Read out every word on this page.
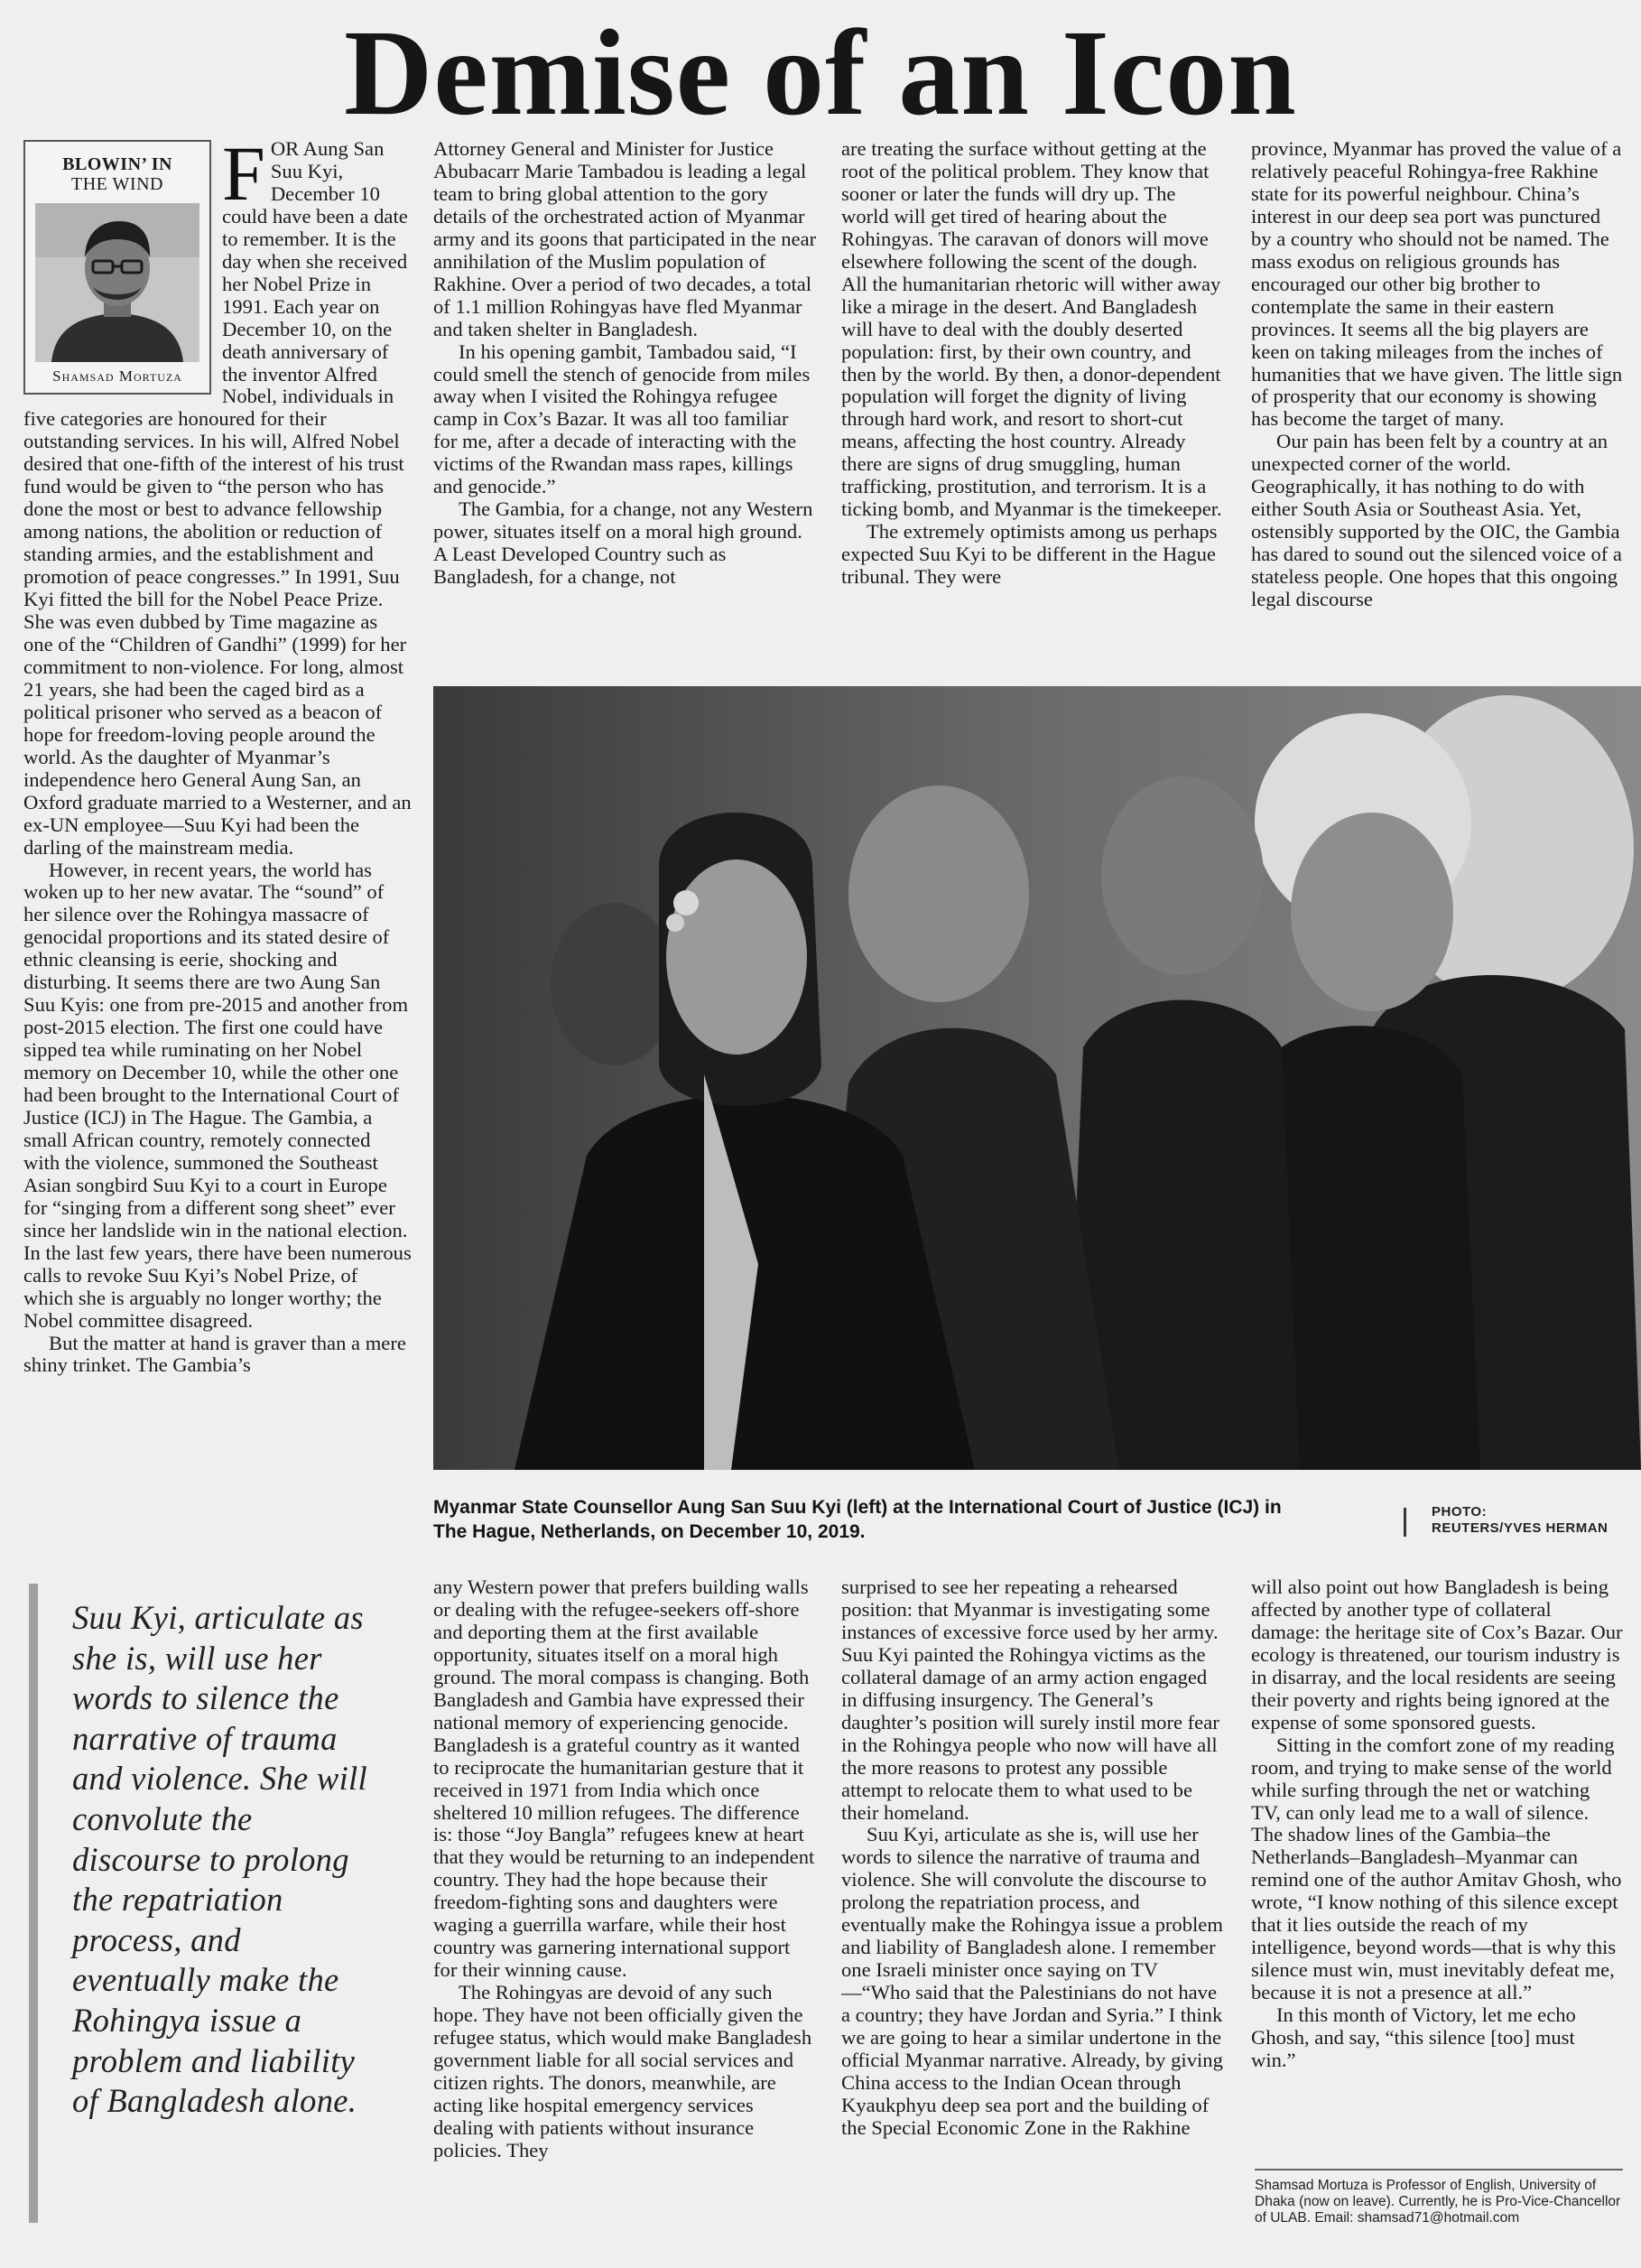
Demise of an Icon
BLOWIN’ IN
THE WIND
Shamsad Mortuza
F OR Aung San Suu Kyi, December 10 could have been a date to remember. It is the day when she received her Nobel Prize in 1991. Each year on December 10, on the death anniversary of the inventor Alfred Nobel, individuals in five categories are honoured for their outstanding services. In his will, Alfred Nobel desired that one-fifth of the interest of his trust fund would be given to “the person who has done the most or best to advance fellowship among nations, the abolition or reduction of standing armies, and the establishment and promotion of peace congresses.” In 1991, Suu Kyi fitted the bill for the Nobel Peace Prize. She was even dubbed by Time magazine as one of the “Children of Gandhi” (1999) for her commitment to non-violence. For long, almost 21 years, she had been the caged bird as a political prisoner who served as a beacon of hope for freedom-loving people around the world. As the daughter of Myanmar’s independence hero General Aung San, an Oxford graduate married to a Westerner, and an ex-UN employee—Suu Kyi had been the darling of the mainstream media.

However, in recent years, the world has woken up to her new avatar. The “sound” of her silence over the Rohingya massacre of genocidal proportions and its stated desire of ethnic cleansing is eerie, shocking and disturbing. It seems there are two Aung San Suu Kyis: one from pre-2015 and another from post-2015 election. The first one could have sipped tea while ruminating on her Nobel memory on December 10, while the other one had been brought to the International Court of Justice (ICJ) in The Hague. The Gambia, a small African country, remotely connected with the violence, summoned the Southeast Asian songbird Suu Kyi to a court in Europe for “singing from a different song sheet” ever since her landslide win in the national election. In the last few years, there have been numerous calls to revoke Suu Kyi’s Nobel Prize, of which she is arguably no longer worthy; the Nobel committee disagreed.

But the matter at hand is graver than a mere shiny trinket. The Gambia’s

Attorney General and Minister for Justice Abubacarr Marie Tambadou is leading a legal team to bring global attention to the gory details of the orchestrated action of Myanmar army and its goons that participated in the near annihilation of the Muslim population of Rakhine. Over a period of two decades, a total of 1.1 million Rohingyas have fled Myanmar and taken shelter in Bangladesh.

In his opening gambit, Tambadou said, “I could smell the stench of genocide from miles away when I visited the Rohingya refugee camp in Cox’s Bazar. It was all too familiar for me, after a decade of interacting with the victims of the Rwandan mass rapes, killings and genocide.”

The Gambia, for a change, not any Western power, situates itself on a moral high ground. A Least Developed Country such as Bangladesh, for a change, not

are treating the surface without getting at the root of the political problem. They know that sooner or later the funds will dry up. The world will get tired of hearing about the Rohingyas. The caravan of donors will move elsewhere following the scent of the dough. All the humanitarian rhetoric will wither away like a mirage in the desert. And Bangladesh will have to deal with the doubly deserted population: first, by their own country, and then by the world. By then, a donor-dependent population will forget the dignity of living through hard work, and resort to short-cut means, affecting the host country. Already there are signs of drug smuggling, human trafficking, prostitution, and terrorism. It is a ticking bomb, and Myanmar is the timekeeper.

The extremely optimists among us perhaps expected Suu Kyi to be different in the Hague tribunal. They were

province, Myanmar has proved the value of a relatively peaceful Rohingya-free Rakhine state for its powerful neighbour. China’s interest in our deep sea port was punctured by a country who should not be named. The mass exodus on religious grounds has encouraged our other big brother to contemplate the same in their eastern provinces. It seems all the big players are keen on taking mileages from the inches of humanities that we have given. The little sign of prosperity that our economy is showing has become the target of many.

Our pain has been felt by a country at an unexpected corner of the world. Geographically, it has nothing to do with either South Asia or Southeast Asia. Yet, ostensibly supported by the OIC, the Gambia has dared to sound out the silenced voice of a stateless people. One hopes that this ongoing legal discourse

Myanmar State Counsellor Aung San Suu Kyi (left) at the International Court of Justice (ICJ) in The Hague, Netherlands, on December 10, 2019.
PHOTO:
REUTERS/YVES HERMAN
Suu Kyi, articulate as she is, will use her words to silence the narrative of trauma and violence. She will convolute the discourse to prolong the repatriation process, and eventually make the Rohingya issue a problem and liability of Bangladesh alone.

any Western power that prefers building walls or dealing with the refugee-seekers off-shore and deporting them at the first available opportunity, situates itself on a moral high ground. The moral compass is changing. Both Bangladesh and Gambia have expressed their national memory of experiencing genocide. Bangladesh is a grateful country as it wanted to reciprocate the humanitarian gesture that it received in 1971 from India which once sheltered 10 million refugees. The difference is: those “Joy Bangla” refugees knew at heart that they would be returning to an independent country. They had the hope because their freedom-fighting sons and daughters were waging a guerrilla warfare, while their host country was garnering international support for their winning cause.

The Rohingyas are devoid of any such hope. They have not been officially given the refugee status, which would make Bangladesh government liable for all social services and citizen rights. The donors, meanwhile, are acting like hospital emergency services dealing with patients without insurance policies. They

surprised to see her repeating a rehearsed position: that Myanmar is investigating some instances of excessive force used by her army. Suu Kyi painted the Rohingya victims as the collateral damage of an army action engaged in diffusing insurgency. The General’s daughter’s position will surely instil more fear in the Rohingya people who now will have all the more reasons to protest any possible attempt to relocate them to what used to be their homeland.

Suu Kyi, articulate as she is, will use her words to silence the narrative of trauma and violence. She will convolute the discourse to prolong the repatriation process, and eventually make the Rohingya issue a problem and liability of Bangladesh alone. I remember one Israeli minister once saying on TV—“Who said that the Palestinians do not have a country; they have Jordan and Syria.” I think we are going to hear a similar undertone in the official Myanmar narrative. Already, by giving China access to the Indian Ocean through Kyaukphyu deep sea port and the building of the Special Economic Zone in the Rakhine

will also point out how Bangladesh is being affected by another type of collateral damage: the heritage site of Cox’s Bazar. Our ecology is threatened, our tourism industry is in disarray, and the local residents are seeing their poverty and rights being ignored at the expense of some sponsored guests.

Sitting in the comfort zone of my reading room, and trying to make sense of the world while surfing through the net or watching TV, can only lead me to a wall of silence. The shadow lines of the Gambia–the Netherlands–Bangladesh–Myanmar can remind one of the author Amitav Ghosh, who wrote, “I know nothing of this silence except that it lies outside the reach of my intelligence, beyond words—that is why this silence must win, must inevitably defeat me, because it is not a presence at all.”

In this month of Victory, let me echo Ghosh, and say, “this silence [too] must win.”

Shamsad Mortuza is Professor of English, University of Dhaka (now on leave). Currently, he is Pro-Vice-Chancellor of ULAB. Email: shamsad71@hotmail.com
